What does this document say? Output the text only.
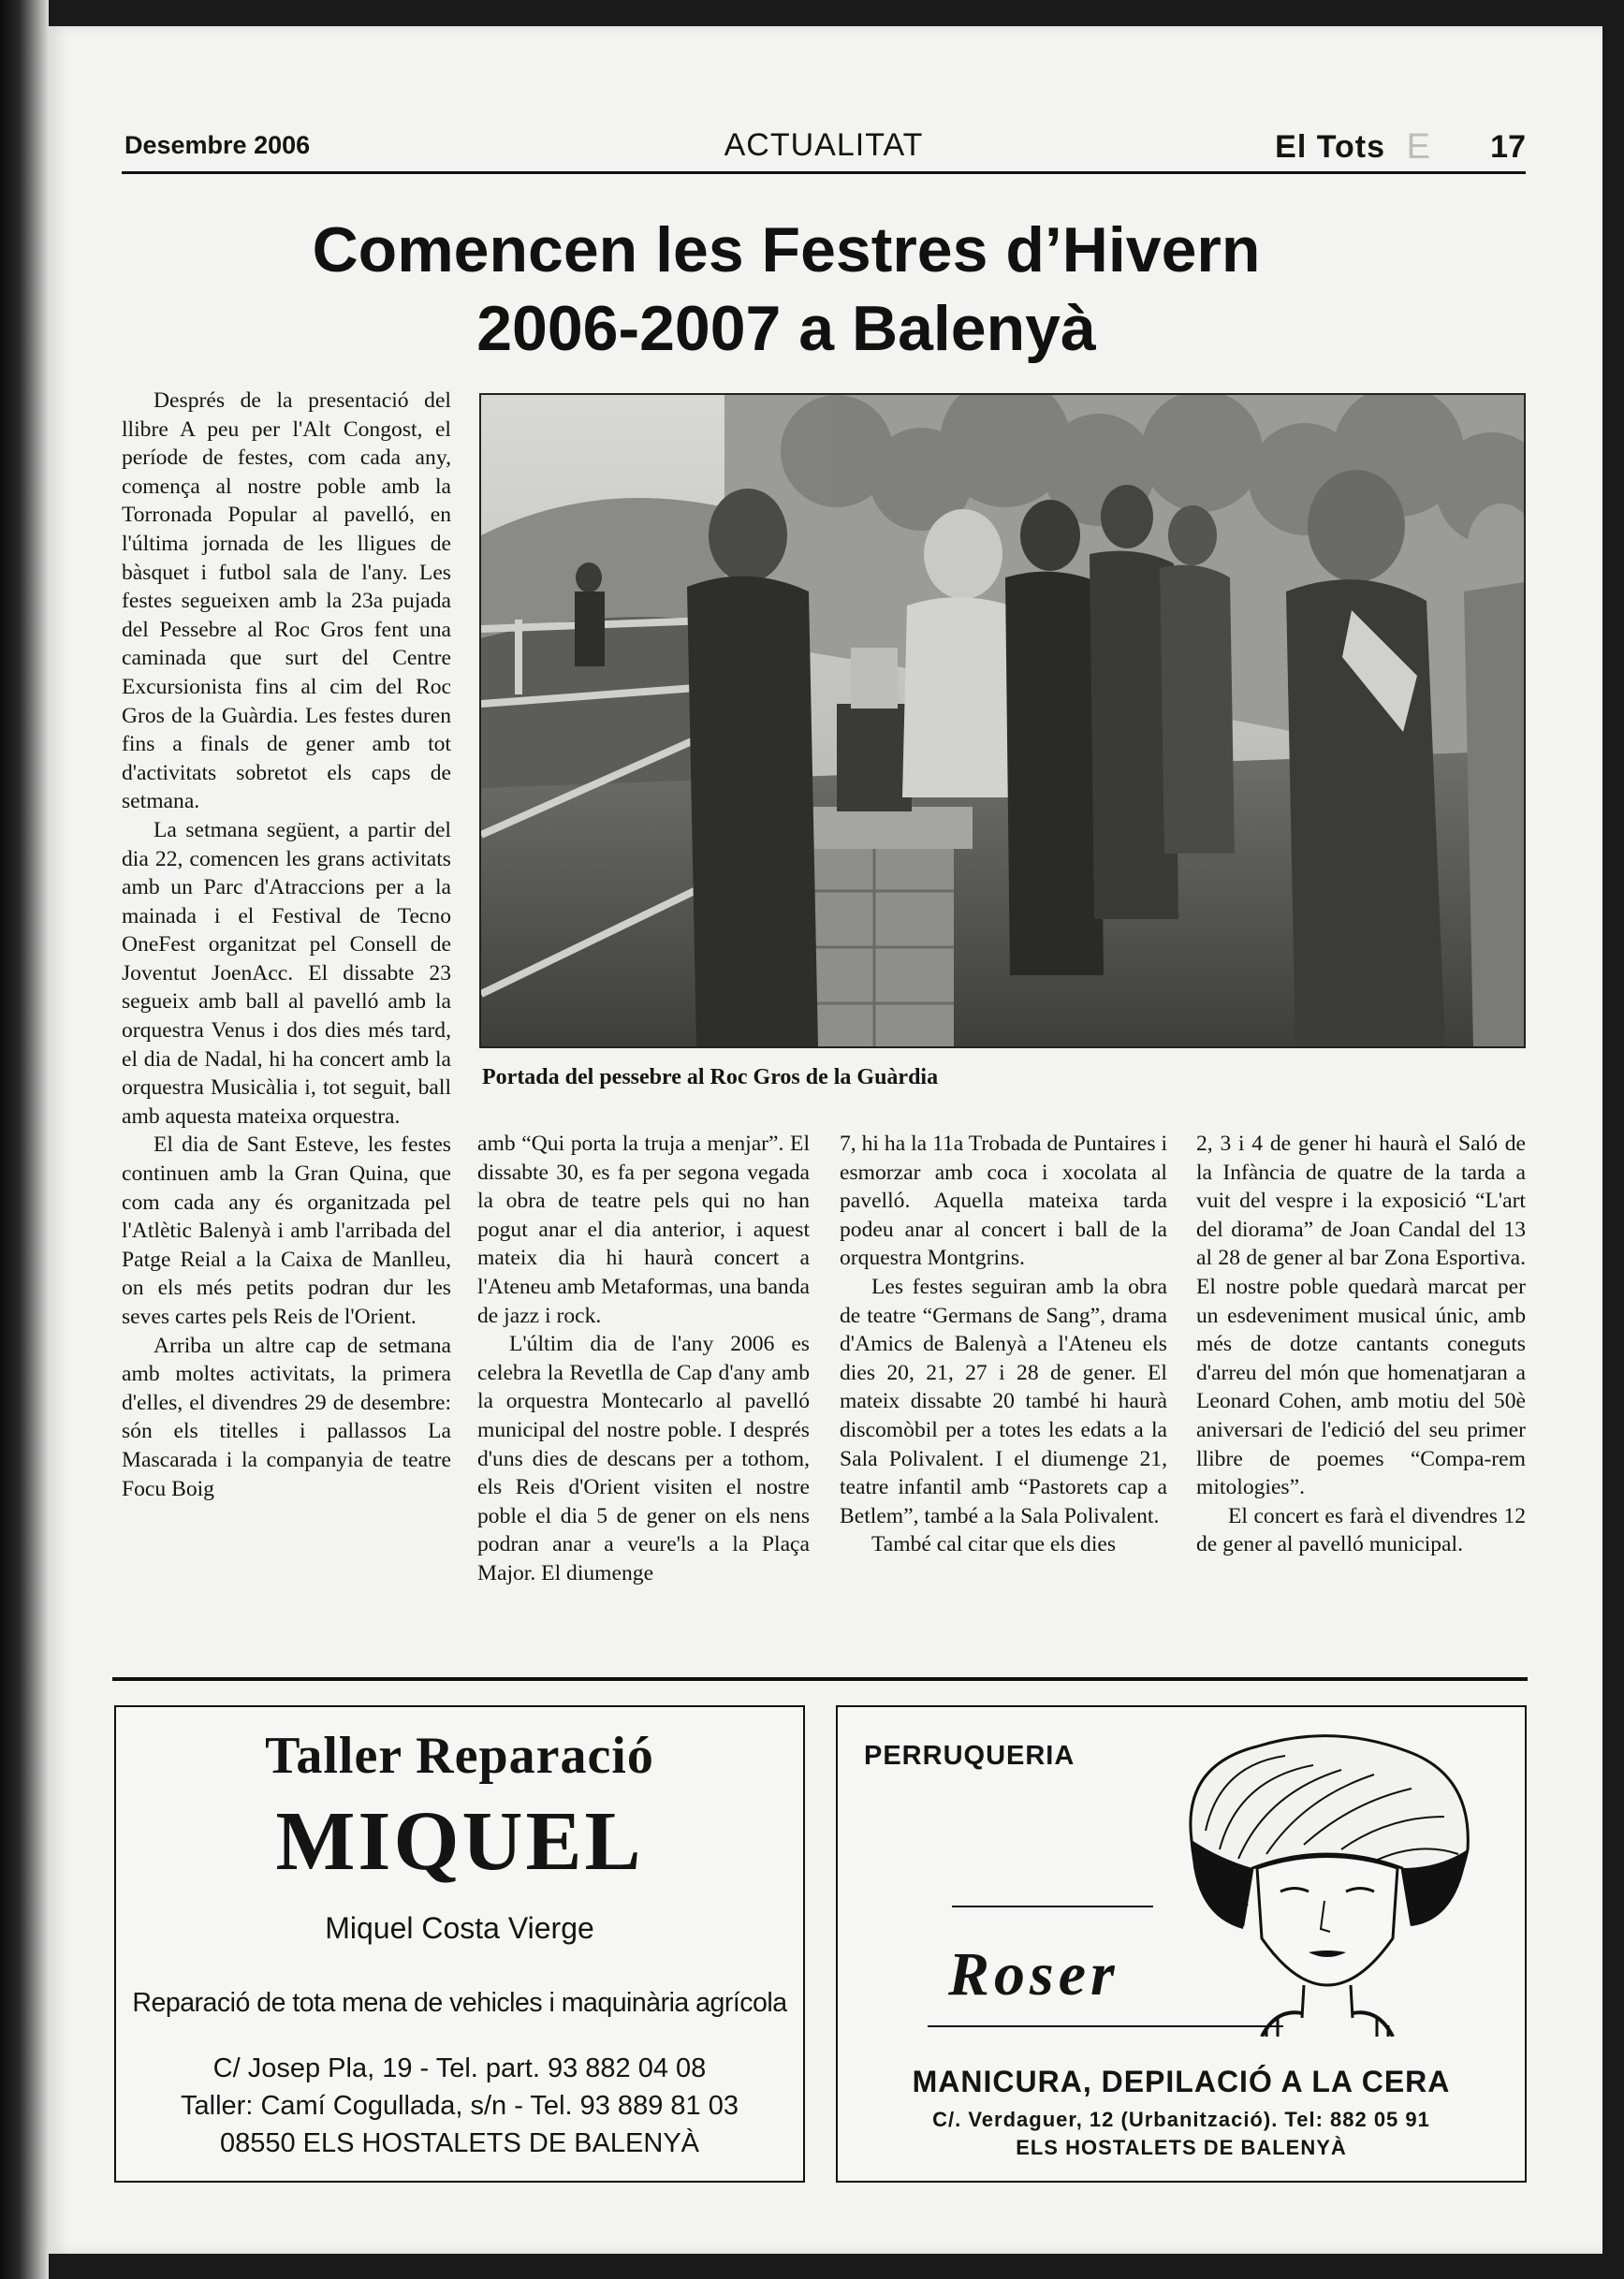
Desembre 2006	ACTUALITAT	E
El Tots	17
Comencen les Festres d’Hivern
2006-2007 a Balenyà

Després de la presentació del llibre A peu per l'Alt Congost, el període de festes, com cada any, comença al nostre poble amb la Torronada Popular al pavelló, en l'última jornada de les lligues de bàsquet i futbol sala de l'any. Les festes segueixen amb la 23a pujada del Pessebre al Roc Gros fent una caminada que surt del Centre Excursionista fins al cim del Roc Gros de la Guàrdia. Les festes duren fins a finals de gener amb tot d'activitats sobretot els caps de setmana.

La setmana següent, a partir del dia 22, comencen les grans activitats amb un Parc d'Atraccions per a la mainada i el Festival de Tecno OneFest organitzat pel Consell de Joventut JoenAcc. El dissabte 23 segueix amb ball al pavelló amb la orquestra Venus i dos dies més tard, el dia de Nadal, hi ha concert amb la orquestra Musicàlia i, tot seguit, ball amb aquesta mateixa orquestra.

El dia de Sant Esteve, les festes continuen amb la Gran Quina, que com cada any és organitzada pel l'Atlètic Balenyà i amb l'arribada del Patge Reial a la Caixa de Manlleu, on els més petits podran dur les seves cartes pels Reis de l'Orient.

Arriba un altre cap de setmana amb moltes activitats, la primera d'elles, el divendres 29 de desembre: són els titelles i pallassos La Mascarada i la companyia de teatre Focu Boig

Portada del pessebre al Roc Gros de la Guàrdia

amb “Qui porta la truja a menjar”. El dissabte 30, es fa per segona vegada la obra de teatre pels qui no han pogut anar el dia anterior, i aquest mateix dia hi haurà concert a l'Ateneu amb Metaformas, una banda de jazz i rock.

L'últim dia de l'any 2006 es celebra la Revetlla de Cap d'any amb la orquestra Montecarlo al pavelló municipal del nostre poble. I després d'uns dies de descans per a tothom, els Reis d'Orient visiten el nostre poble el dia 5 de gener on els nens podran anar a veure'ls a la Plaça Major. El diumenge

7, hi ha la 11a Trobada de Puntaires i esmorzar amb coca i xocolata al pavelló. Aquella mateixa tarda podeu anar al concert i ball de la orquestra Montgrins.

Les festes seguiran amb la obra de teatre “Germans de Sang”, drama d'Amics de Balenyà a l'Ateneu els dies 20, 21, 27 i 28 de gener. El mateix dissabte 20 també hi haurà discomòbil per a totes les edats a la Sala Polivalent. I el diumenge 21, teatre infantil amb “Pastorets cap a Betlem”, també a la Sala Polivalent.

També cal citar que els dies

2, 3 i 4 de gener hi haurà el Saló de la Infància de quatre de la tarda a vuit del vespre i la exposició “L'art del diorama” de Joan Candal del 13 al 28 de gener al bar Zona Esportiva. El nostre poble quedarà marcat per un esdeveniment musical únic, amb més de dotze cantants coneguts d'arreu del món que homenatjaran a Leonard Cohen, amb motiu del 50è aniversari de l'edició del seu primer llibre de poemes “Compa-rem mitologies”.

El concert es farà el divendres 12 de gener al pavelló municipal.

Taller Reparació
MIQUEL
Miquel Costa Vierge
Reparació de tota mena de vehicles i maquinària agrícola
C/ Josep Pla, 19 - Tel. part. 93 882 04 08
Taller: Camí Cogullada, s/n - Tel. 93 889 81 03
08550 ELS HOSTALETS DE BALENYÀ
PERRUQUERIA
Roser
MANICURA, DEPILACIÓ A LA CERA
C/. Verdaguer, 12 (Urbanització). Tel: 882 05 91
ELS HOSTALETS DE BALENYÀ
